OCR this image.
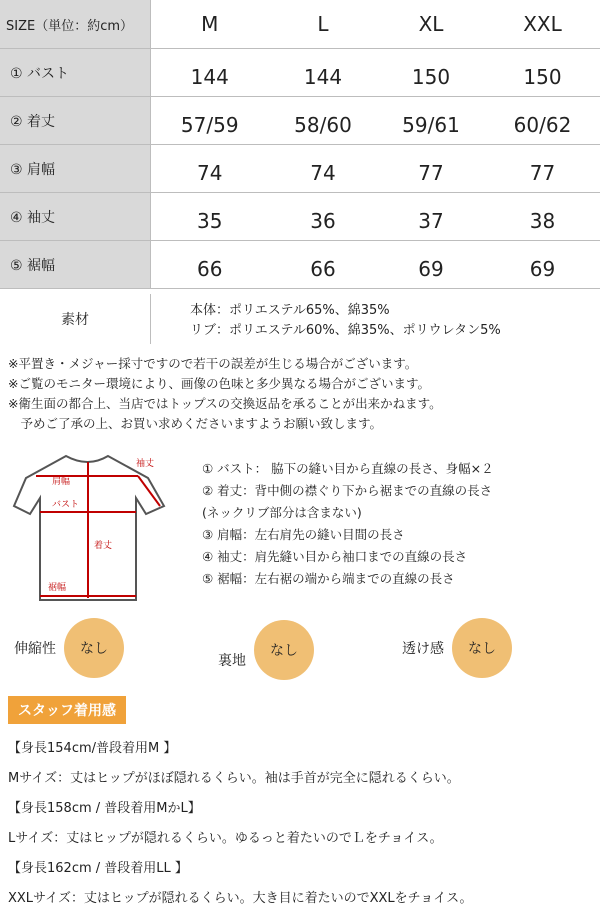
SIZE（単位：約cm）	M	L	XL	XXL
① バスト	144	144	150	150
② 着丈	57/59	58/60	59/61	60/62
③ 肩幅	74	74	77	77
④ 袖丈	35	36	37	38
⑤ 裾幅	66	66	69	69
素材
本体：ポリエステル65%、綿35%
リブ：ポリエステル60%、綿35%、ポリウレタン5%
※平置き・メジャー採寸ですので若干の誤差が生じる場合がございます。
※ご覧のモニター環境により、画像の色味と多少異なる場合がございます。
※衛生面の都合上、当店ではトップスの交換返品を承ることが出来かねます。
　予めご了承の上、お買い求めくださいますようお願い致します。
肩幅
袖丈
バスト
着丈
裾幅
① バスト： 脇下の縫い目から直線の長さ、身幅×２
② 着丈：背中側の襟ぐり下から裾までの直線の長さ
(ネックリブ部分は含まない)
③ 肩幅：左右肩先の縫い目間の長さ
④ 袖丈：肩先縫い目から袖口までの直線の長さ
⑤ 裾幅：左右裾の端から端までの直線の長さ
伸縮性	なし
裏地
なし	透け感	なし
スタッフ着用感
【身長154cm/普段着用M 】
Mサイズ：丈はヒップがほぼ隠れるくらい。袖は手首が完全に隠れるくらい。
【身長158cm / 普段着用MかL】
Lサイズ：丈はヒップが隠れるくらい。ゆるっと着たいのでＬをチョイス。
【身長162cm / 普段着用LL 】
XXLサイズ：丈はヒップが隠れるくらい。大き目に着たいのでXXLをチョイス。
